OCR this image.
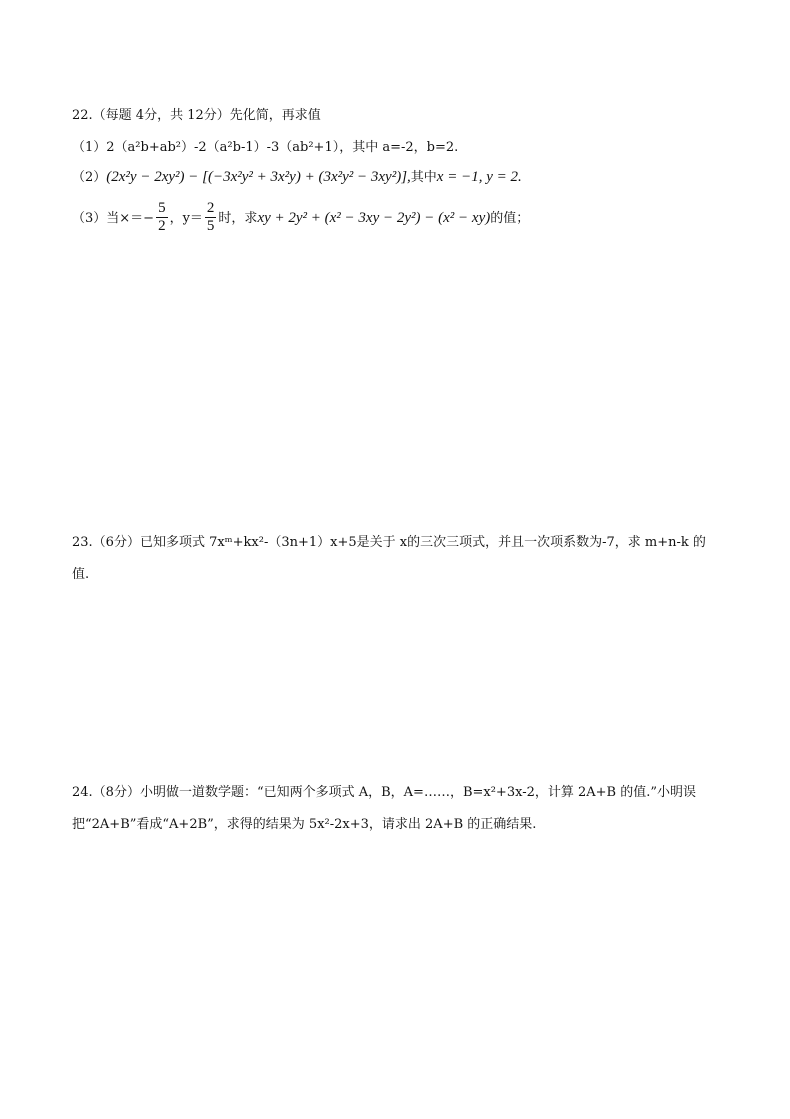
22.（每题 4分，共 12分）先化简，再求值
（1）2（a²b+ab²）-2（a²b-1）-3（ab²+1），其中 a=-2，b=2.
（2）(2x²y − 2xy²) − [(−3x²y² + 3x²y) + (3x²y² − 3xy²)],其中x = −1, y = 2.
（3）当×＝− $\frac{5}{2}$ ，$y= \frac{2}{5}$ 时，求xy + 2y² + (x² − 3xy − 2y²) − (x² − xy)的值；
23.（6分）已知多项式 7xᵐ+kx²-（3n+1）x+5是关于 x的三次三项式，并且一次项系数为-7，求 m+n-k 的
值.
24.（8分）小明做一道数学题：“已知两个多项式 A，B，A=……，B=x²+3x-2，计算 2A+B 的值.”小明误
把“2A+B”看成“A+2B”，求得的结果为 5x²-2x+3，请求出 2A+B 的正确结果.
